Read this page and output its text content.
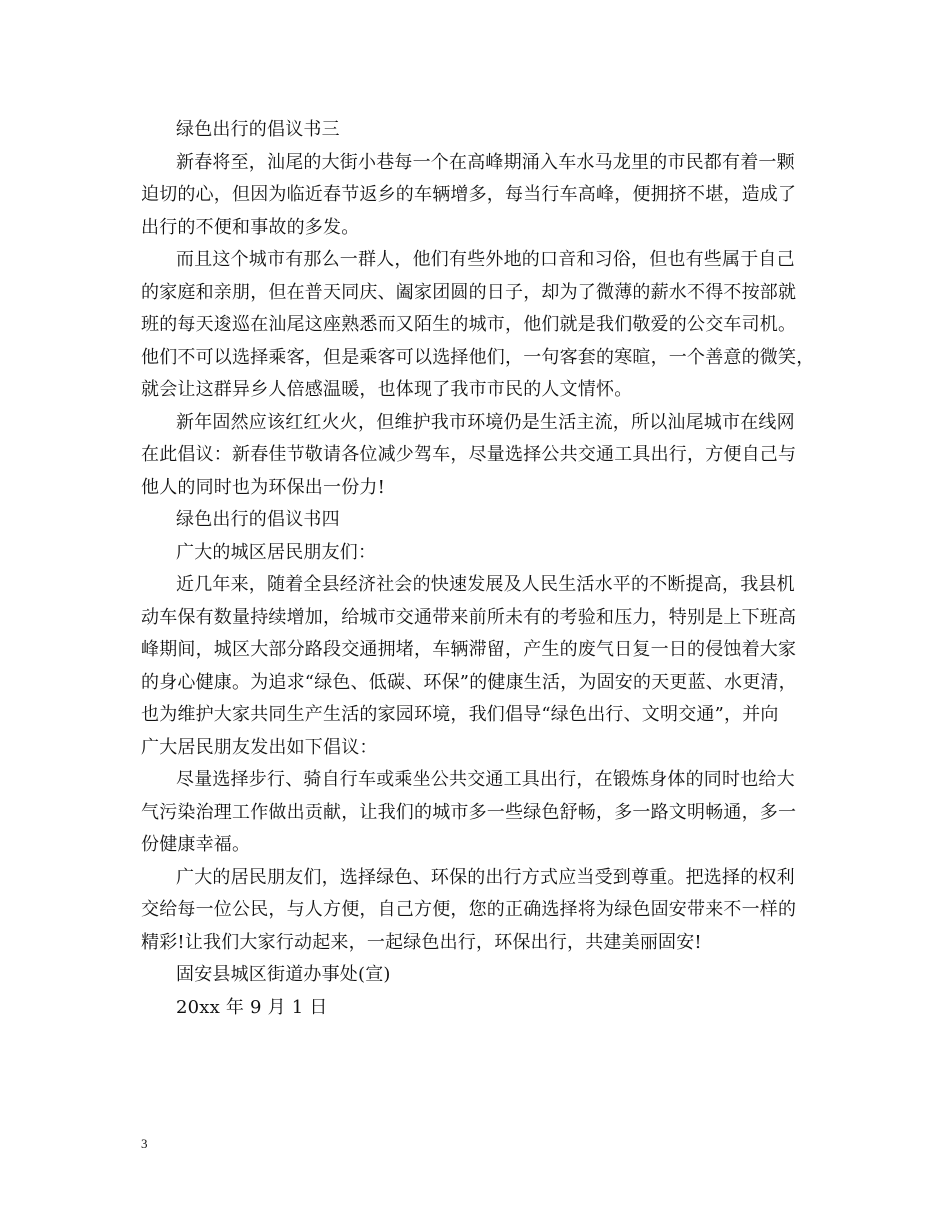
绿色出行的倡议书三
新春将至，汕尾的大街小巷每一个在高峰期涌入车水马龙里的市民都有着一颗
迫切的心，但因为临近春节返乡的车辆增多，每当行车高峰，便拥挤不堪，造成了
出行的不便和事故的多发。
而且这个城市有那么一群人，他们有些外地的口音和习俗，但也有些属于自己
的家庭和亲朋，但在普天同庆、阖家团圆的日子，却为了微薄的薪水不得不按部就
班的每天逡巡在汕尾这座熟悉而又陌生的城市，他们就是我们敬爱的公交车司机。
他们不可以选择乘客，但是乘客可以选择他们，一句客套的寒暄，一个善意的微笑，
就会让这群异乡人倍感温暖，也体现了我市市民的人文情怀。
新年固然应该红红火火，但维护我市环境仍是生活主流，所以汕尾城市在线网
在此倡议：新春佳节敬请各位减少驾车，尽量选择公共交通工具出行，方便自己与
他人的同时也为环保出一份力!
绿色出行的倡议书四
广大的城区居民朋友们：
近几年来，随着全县经济社会的快速发展及人民生活水平的不断提高，我县机
动车保有数量持续增加，给城市交通带来前所未有的考验和压力，特别是上下班高
峰期间，城区大部分路段交通拥堵，车辆滞留，产生的废气日复一日的侵蚀着大家
的身心健康。为追求“绿色、低碳、环保”的健康生活，为固安的天更蓝、水更清，
也为维护大家共同生产生活的家园环境，我们倡导“绿色出行、文明交通”，并向
广大居民朋友发出如下倡议：
尽量选择步行、骑自行车或乘坐公共交通工具出行，在锻炼身体的同时也给大
气污染治理工作做出贡献，让我们的城市多一些绿色舒畅，多一路文明畅通，多一
份健康幸福。
广大的居民朋友们，选择绿色、环保的出行方式应当受到尊重。把选择的权利
交给每一位公民，与人方便，自己方便，您的正确选择将为绿色固安带来不一样的
精彩!让我们大家行动起来，一起绿色出行，环保出行，共建美丽固安!
固安县城区街道办事处(宣)
20xx 年 9 月 1 日
3
